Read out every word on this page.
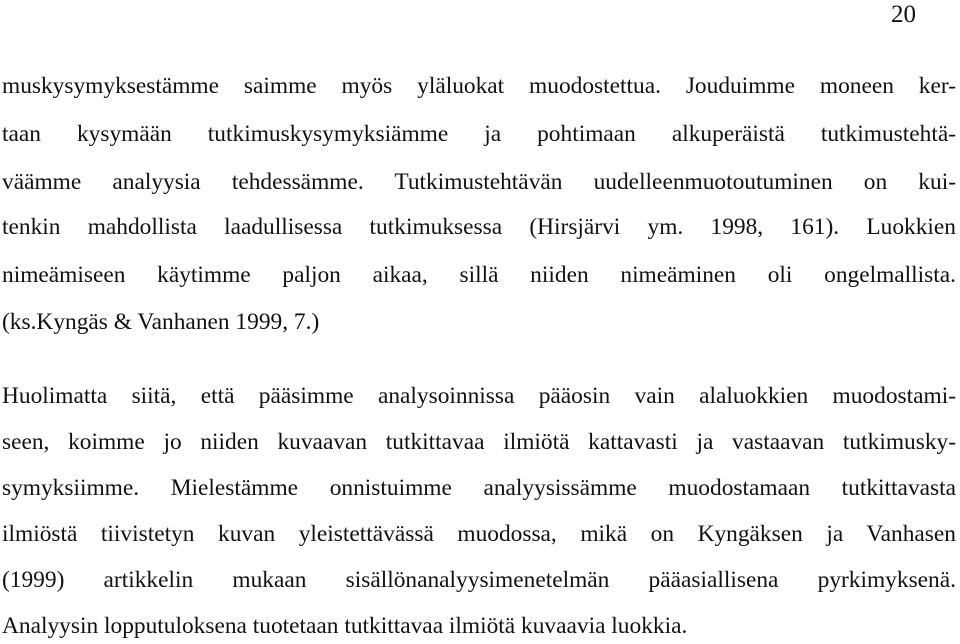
20
muskysymyksestämme saimme myös yläluokat muodostettua. Jouduimme moneen ker-
taan kysymään tutkimuskysymyksiämme ja pohtimaan alkuperäistä tutkimustehtä-
väämme analyysia tehdessämme. Tutkimustehtävän uudelleenmuotoutuminen on kui-
tenkin mahdollista laadullisessa tutkimuksessa (Hirsjärvi ym. 1998, 161). Luokkien
nimeämiseen käytimme paljon aikaa, sillä niiden nimeäminen oli ongelmallista.
(ks.Kyngäs & Vanhanen 1999, 7.)
Huolimatta siitä, että pääsimme analysoinnissa pääosin vain alaluokkien muodostami-
seen, koimme jo niiden kuvaavan tutkittavaa ilmiötä kattavasti ja vastaavan tutkimusky-
symyksiimme. Mielestämme onnistuimme analyysissämme muodostamaan tutkittavasta
ilmiöstä tiivistetyn kuvan yleistettävässä muodossa, mikä on Kyngäksen ja Vanhasen
(1999) artikkelin mukaan sisällönanalyysimenetelmän pääasiallisena pyrkimyksenä.
Analyysin lopputuloksena tuotetaan tutkittavaa ilmiötä kuvaavia luokkia.
